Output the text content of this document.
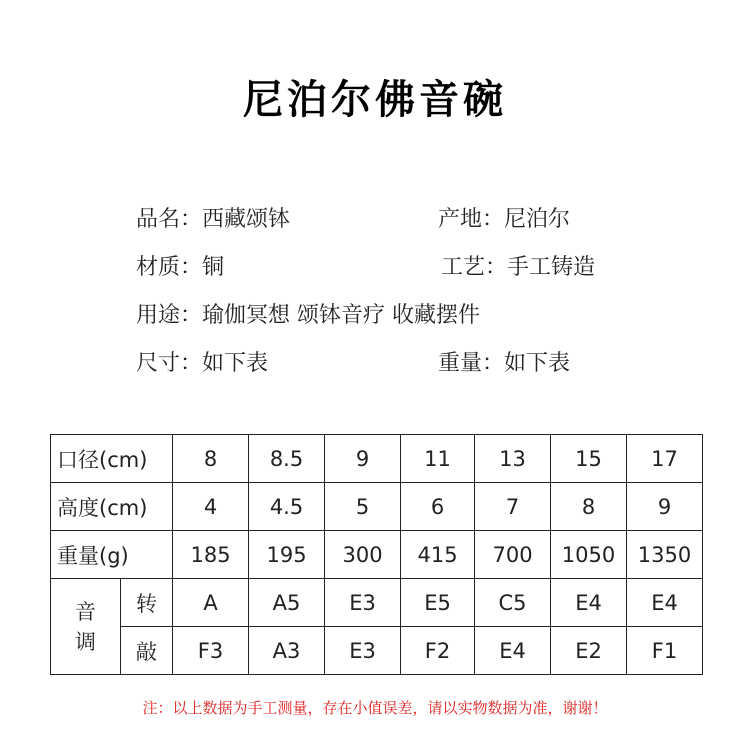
尼泊尔佛音碗
品名：西藏颂钵	产地：尼泊尔
材质：铜	工艺：手工铸造
用途：瑜伽冥想 颂钵音疗 收藏摆件
尺寸：如下表	重量：如下表
口径(cm)		8	8.5	9	11	13	15	17
高度(cm)		4	4.5	5	6	7	8	9
重量(g)		185	195	300	415	700	1050	1350

音
调	转	A	A5	E3	E5	C5	E4	E4
	敲	F3	A3	E3	F2	E4	E2	F1
注：以上数据为手工测量，存在小值误差，请以实物数据为准，谢谢！
